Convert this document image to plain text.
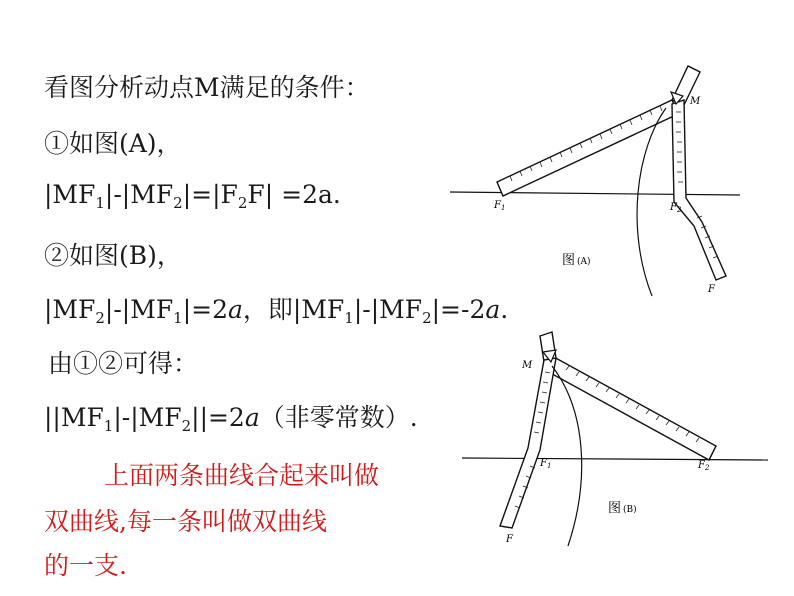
看图分析动点M满足的条件：
①如图(A)，
$|MF_1|-|MF_2|=|F_2F| =2a$.
②如图(B)，
$|MF_2|-|MF_1|=2a$，即$|MF_1|-|MF_2|=-2a$.
由①②可得：
$||MF_1|-|MF_2||=2a$（非零常数）.
上面两条曲线合起来叫做
双曲线,每一条叫做双曲线
的一支.
M
$F_1$	$F_2$
F
图 (A)
M
$F_1$	$F_2$
F
图 (B)
